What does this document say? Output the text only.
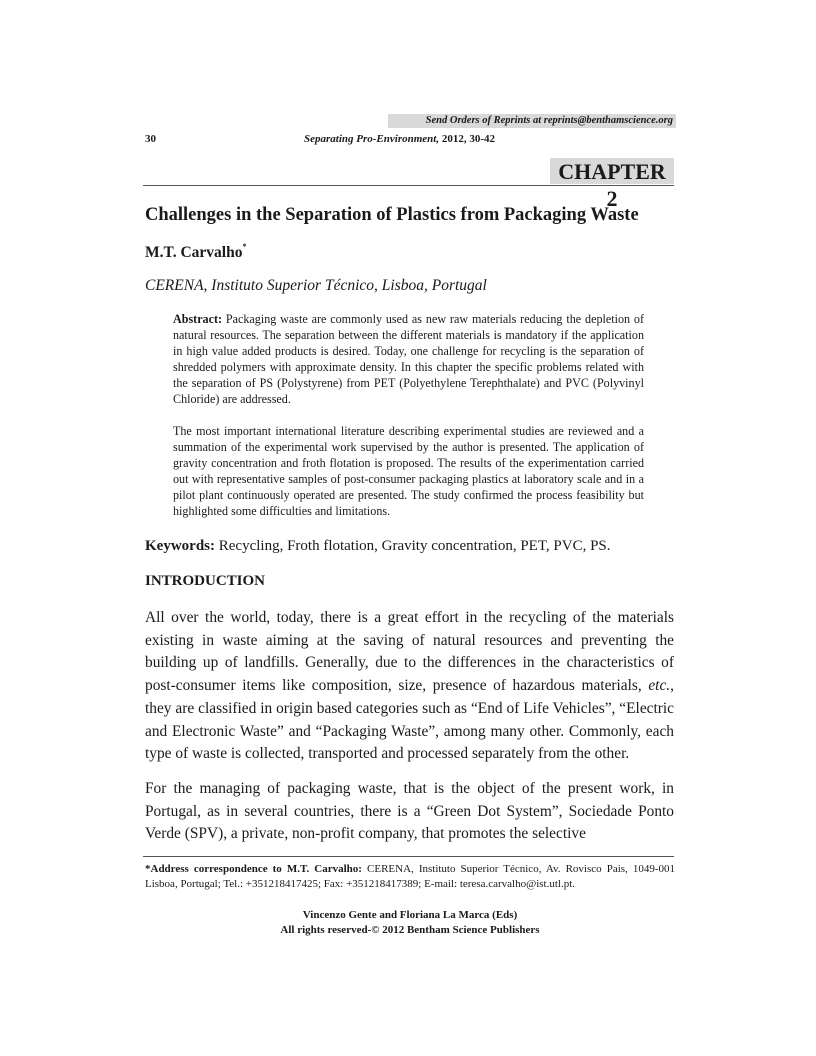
Send Orders of Reprints at reprints@benthamscience.org
30	Separating Pro-Environment, 2012, 30-42
CHAPTER 2
Challenges in the Separation of Plastics from Packaging Waste
M.T. Carvalho*
CERENA, Instituto Superior Técnico, Lisboa, Portugal

Abstract: Packaging waste are commonly used as new raw materials reducing the depletion of natural resources. The separation between the different materials is mandatory if the application in high value added products is desired. Today, one challenge for recycling is the separation of shredded polymers with approximate density. In this chapter the specific problems related with the separation of PS (Polystyrene) from PET (Polyethylene Terephthalate) and PVC (Polyvinyl Chloride) are addressed.

The most important international literature describing experimental studies are reviewed and a summation of the experimental work supervised by the author is presented. The application of gravity concentration and froth flotation is proposed. The results of the experimentation carried out with representative samples of post-consumer packaging plastics at laboratory scale and in a pilot plant continuously operated are presented. The study confirmed the process feasibility but highlighted some difficulties and limitations.

Keywords: Recycling, Froth flotation, Gravity concentration, PET, PVC, PS.
INTRODUCTION

All over the world, today, there is a great effort in the recycling of the materials existing in waste aiming at the saving of natural resources and preventing the building up of landfills. Generally, due to the differences in the characteristics of post-consumer items like composition, size, presence of hazardous materials, etc., they are classified in origin based categories such as “End of Life Vehicles”, “Electric and Electronic Waste” and “Packaging Waste”, among many other. Commonly, each type of waste is collected, transported and processed separately from the other.

For the managing of packaging waste, that is the object of the present work, in Portugal, as in several countries, there is a “Green Dot System”, Sociedade Ponto Verde (SPV), a private, non-profit company, that promotes the selective

*Address correspondence to M.T. Carvalho: CERENA, Instituto Superior Técnico, Av. Rovisco Pais, 1049-001 Lisboa, Portugal; Tel.: +351218417425; Fax: +351218417389; E-mail: teresa.carvalho@ist.utl.pt.
Vincenzo Gente and Floriana La Marca (Eds)
All rights reserved-© 2012 Bentham Science Publishers
